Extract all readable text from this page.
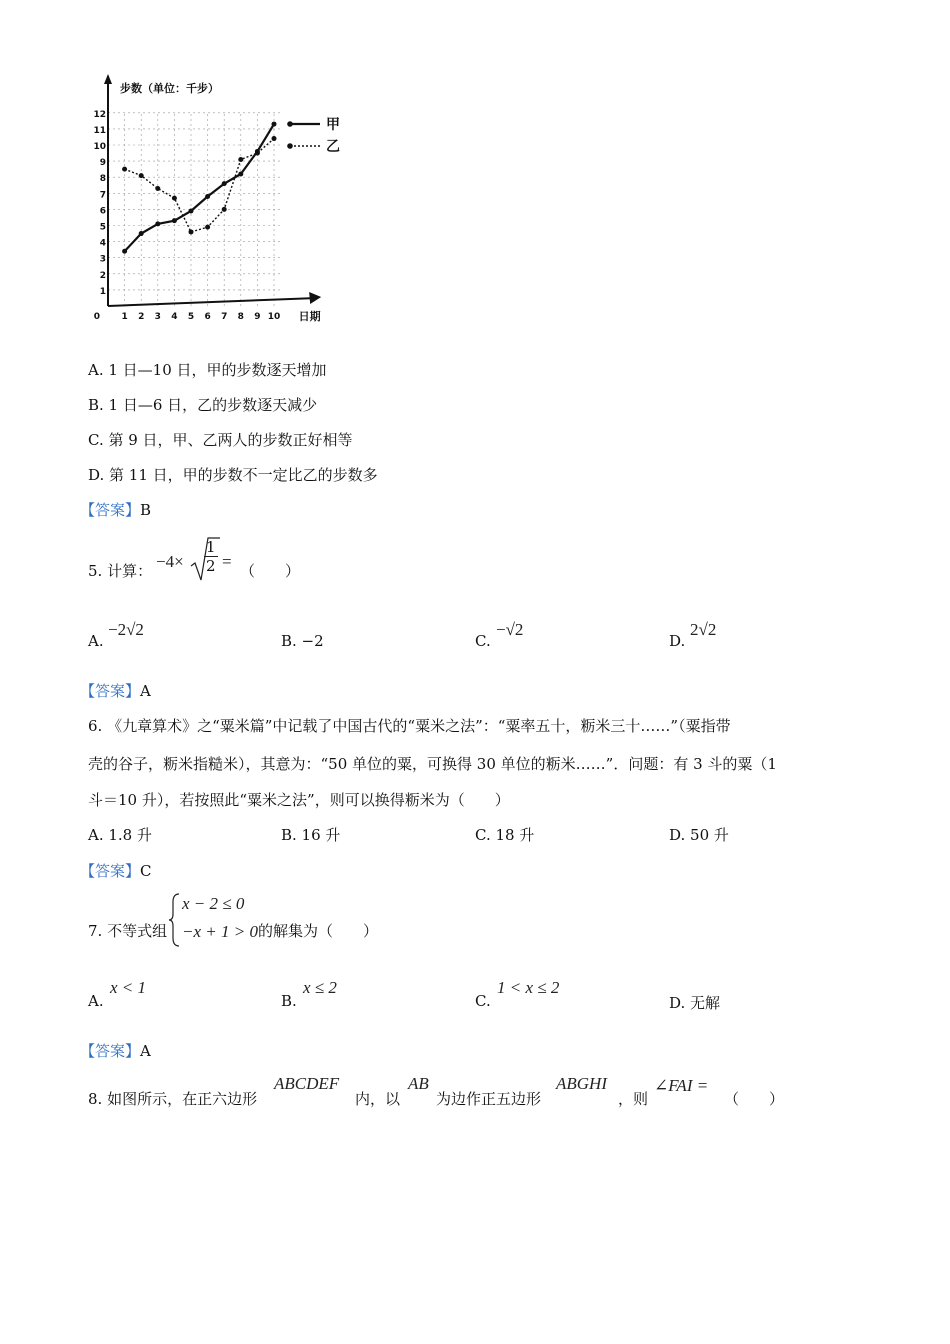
步数（单位：千步）
日期
0
1
2
3
4
5
6
7
8
9
10
11
12
1 2 3 4 5 6 7 8 9 10
甲
乙
A. 1 日—10 日，甲的步数逐天增加
B. 1 日—6 日，乙的步数逐天减少
C. 第 9 日，甲、乙两人的步数正好相等
D. 第 11 日，甲的步数不一定比乙的步数多
【答案】B
5. 计算： $-4\times \frac{1}{2}$ = （　　）
A.
−2√2
B. −2	C.
−√2
D.
2√2
【答案】A
6. 《九章算术》之“粟米篇”中记载了中国古代的“粟米之法”：“粟率五十，粝米三十……”（粟指带
壳的谷子，粝米指糙米），其意为：“50 单位的粟，可换得 30 单位的粝米……”．问题：有 3 斗的粟（1
斗＝10 升），若按照此“粟米之法”，则可以换得粝米为（　　）
A. 1.8 升	B. 16 升	C. 18 升	D. 50 升
【答案】C
7. 不等式组
x − 2 ≤ 0
−x + 1 > 0 的解集为（　　）
A.
x < 1
B.
x ≤ 2
C.
1 < x ≤ 2
D. 无解
【答案】A
8. 如图所示，在正六边形
ABCDEF
内，以
AB
为边作正五边形
ABGHI
，则
∠FAI =
（　　）
